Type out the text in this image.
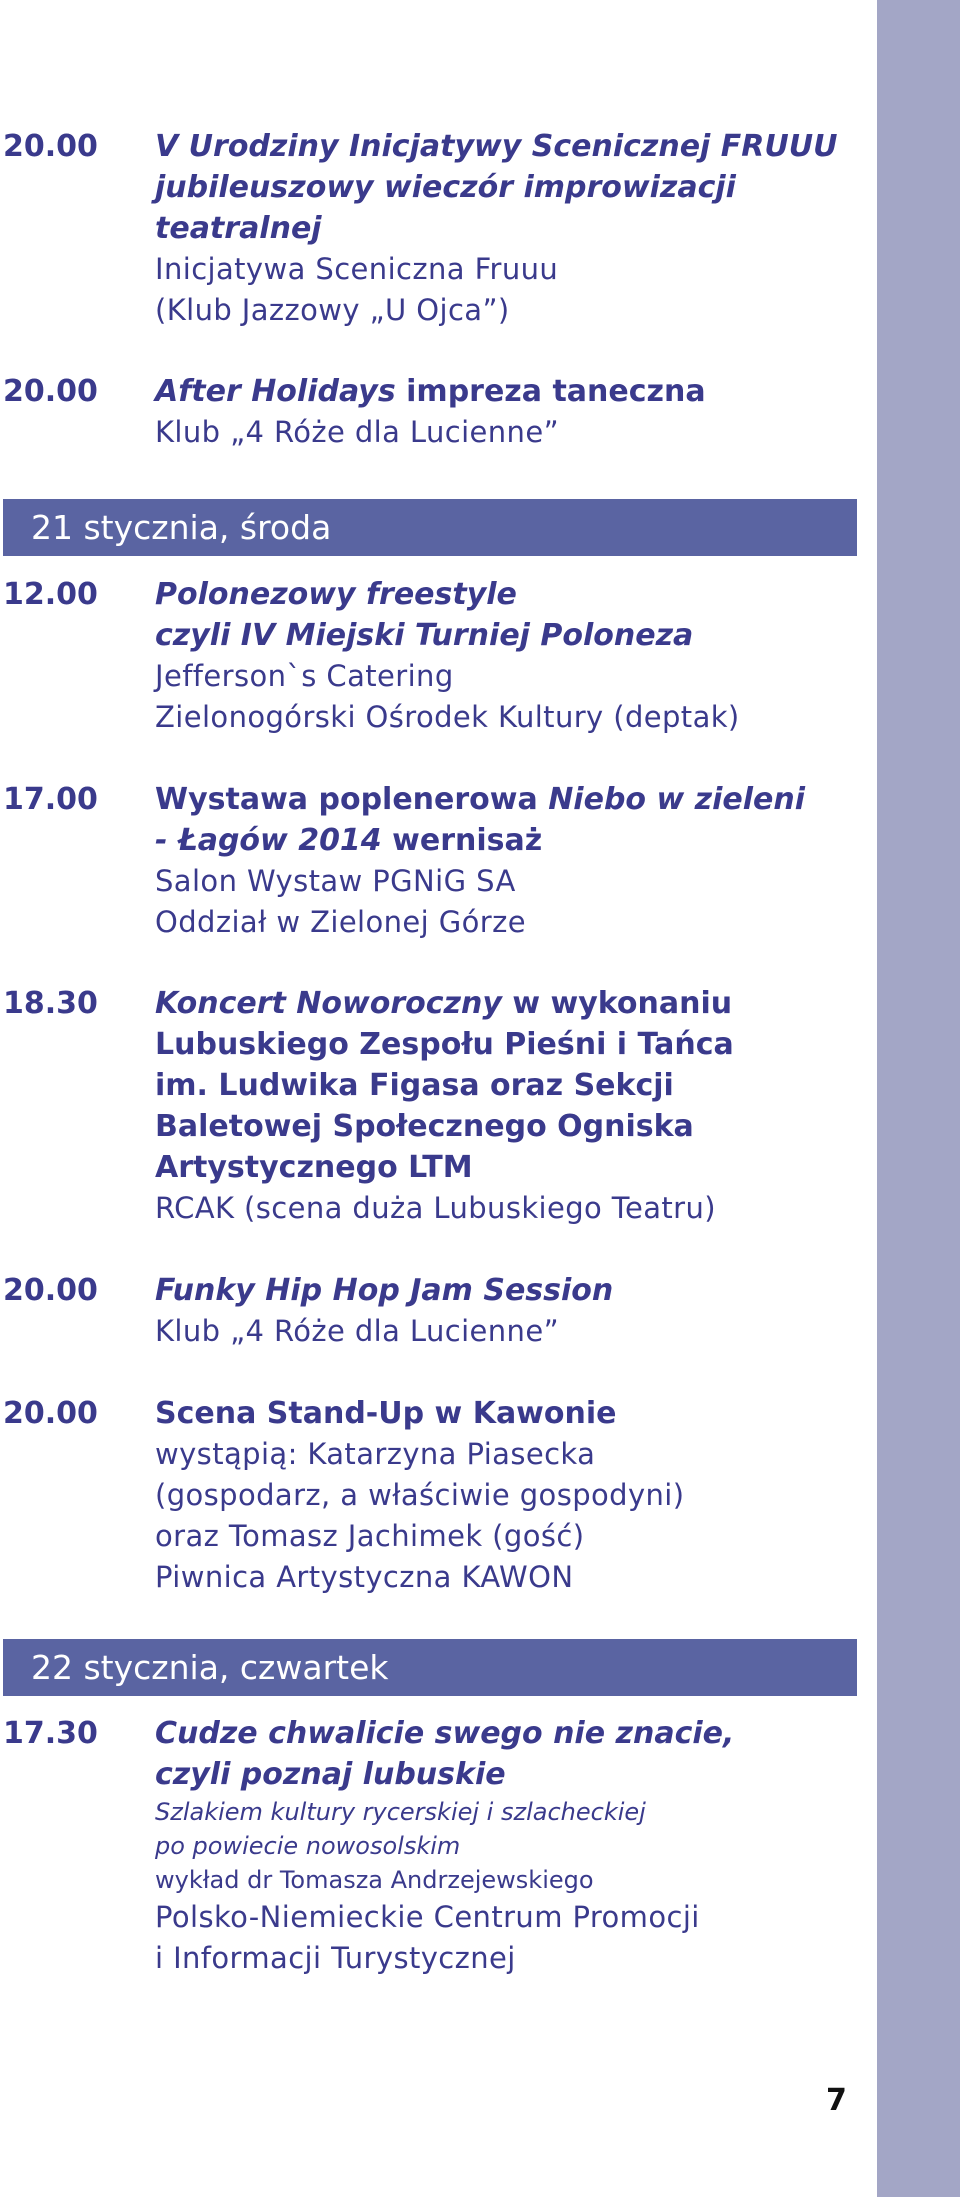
20.00 V Urodziny Inicjatywy Scenicznej FRUUU
jubileuszowy wieczór improwizacji
teatralnej
Inicjatywa Sceniczna Fruuu
(Klub Jazzowy „U Ojca”)
20.00 After Holidays impreza taneczna
Klub „4 Róże dla Lucienne”
21 stycznia, środa
12.00 Polonezowy freestyle
czyli IV Miejski Turniej Poloneza
Jefferson`s Catering
Zielonogórski Ośrodek Kultury (deptak)
17.00 Wystawa poplenerowa Niebo w zieleni
- Łagów 2014 wernisaż
Salon Wystaw PGNiG SA
Oddział w Zielonej Górze
18.30 Koncert Noworoczny w wykonaniu
Lubuskiego Zespołu Pieśni i Tańca
im. Ludwika Figasa oraz Sekcji
Baletowej Społecznego Ogniska
Artystycznego LTM
RCAK (scena duża Lubuskiego Teatru)
20.00 Funky Hip Hop Jam Session
Klub „4 Róże dla Lucienne”
20.00 Scena Stand-Up w Kawonie
wystąpią: Katarzyna Piasecka
(gospodarz, a właściwie gospodyni)
oraz Tomasz Jachimek (gość)
Piwnica Artystyczna KAWON
22 stycznia, czwartek
17.30 Cudze chwalicie swego nie znacie,
czyli poznaj lubuskie
Szlakiem kultury rycerskiej i szlacheckiej
po powiecie nowosolskim
wykład dr Tomasza Andrzejewskiego
Polsko-Niemieckie Centrum Promocji
i Informacji Turystycznej
7
